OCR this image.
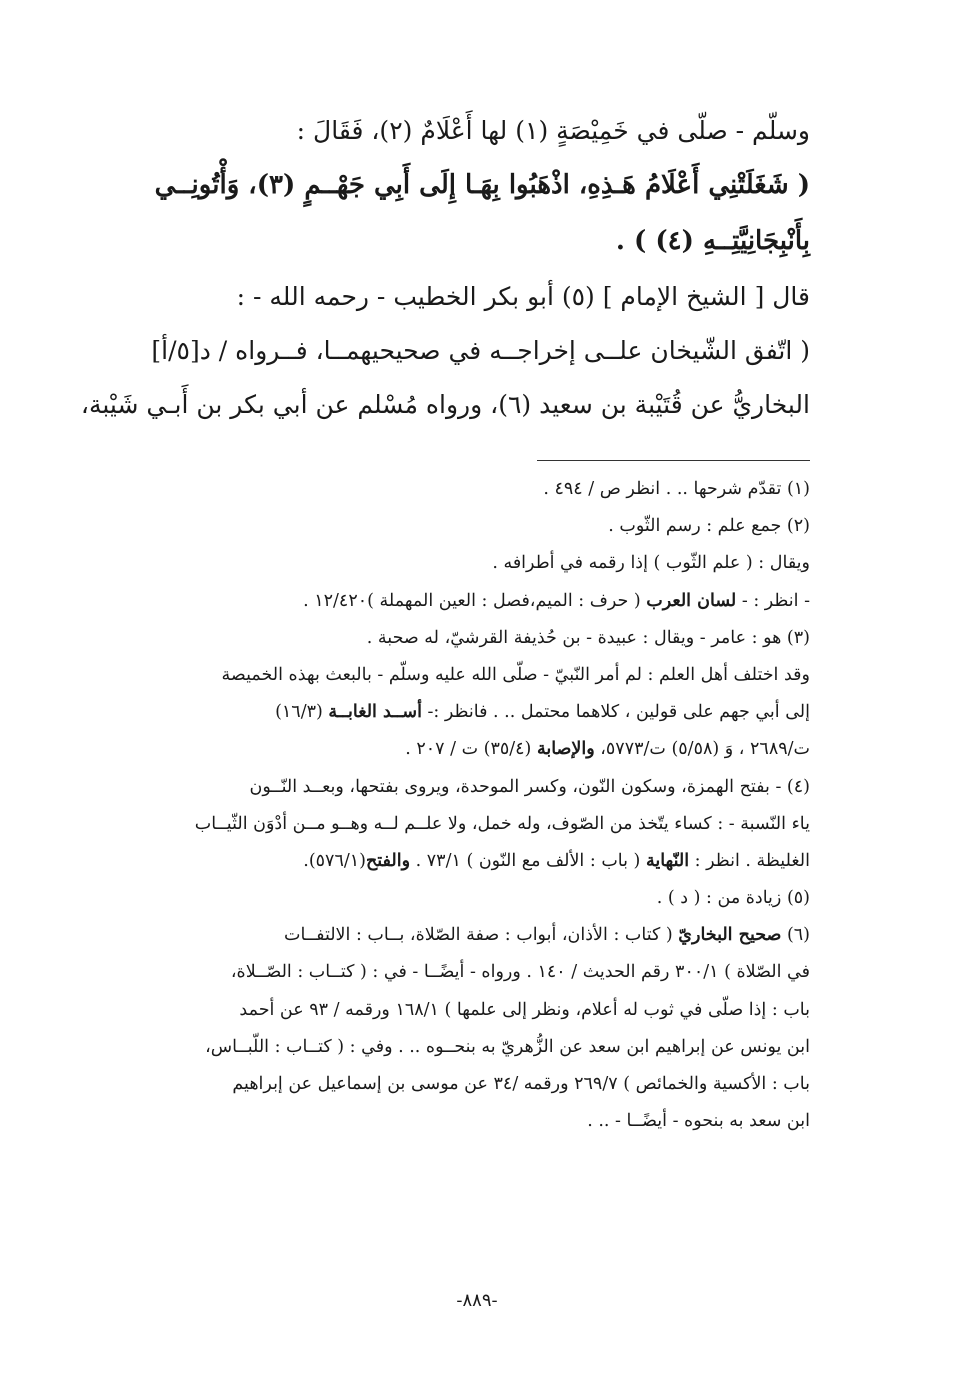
وسلّم - صلّى في خَمِيْصَةٍ (١) لها أَعْلَامٌ (٢)، فَقَالَ :
( شَغَلَتْنِي أَعْلَامُ هَـذِهِ، اذْهَبُوا بِهَـا إِلَى أَبِي جَهْــمٍ (٣)، وَأْتُونِــي
بِأَنْبِجَانِيَّتِــهِ (٤) ) .
قال [ الشيخ الإمام ] (٥) أبو بكر الخطيب - رحمه الله - :
( اتّفق الشّيخان علــى إخراجــه في صحيحيهمــا، فــرواه / د[٥/أ]
البخاريُّ عن قُتَيْبة بن سعيد (٦)، ورواه مُسْلم عن أبي بكر بن أَبـي شَيْبة،
(١) تقدّم شرحها .. . انظر ص / ٤٩٤ .
(٢) جمع علم : رسم الثّوب .
ويقال : ( علم الثّوب ) إذا رقمه في أطرافه .
- انظر : - لسان العرب ( حرف : الميم،فصل : العين المهملة )١٢/٤٢٠ .
(٣) هو : عامر - ويقال : عبيدة - بن حُذيفة القرشيّ، له صحبة .
وقد اختلف أهل العلم : لم أمر النّبيّ - صلّى الله عليه وسلّم - بالبعث بهذه الخميصة
إلى أبي جهم على قولين ، كلاهما محتمل .. . فانظر :- أســد الغابــة (١٦/٣)
ت/٢٦٨٩ ، وَ (٥/٥٨) ت/٥٧٧٣، والإصابة (٣٥/٤) ت / ٢٠٧ .
(٤) - بفتح الهمزة، وسكون النّون، وكسر الموحدة، ويروى بفتحها، وبعــد النّــون
ياء النّسبة - : كساء يتّخذ من الصّوف، وله خمل، ولا علــم لــه وهــو مــن أدْوَن الثّيــاب
الغليظة . انظر : النّهاية ( باب : الألف مع النّون ) ٧٣/١ . والفتح(٥٧٦/١).
(٥) زيادة من : ( د ) .
(٦) صحيح البخاريّ ( كتاب : الأذان، أبواب : صفة الصّلاة، بــاب : الالتفــات
في الصّلاة ) ٣٠٠/١ رقم الحديث / ١٤٠ . ورواه - أيضًــا - في : ( كتــاب : الصّــلاة،
باب : إذا صلّى في ثوب له أعلام، ونظر إلى علمها ) ١٦٨/١ ورقمه / ٩٣ عن أحمد
ابن يونس عن إبراهيم ابن سعد عن الزُّهريّ به بنحــوه .. . وفي : ( كتــاب : اللّبــاس،
باب : الأكسية والخمائص ) ٢٦٩/٧ ورقمه /٣٤ عن موسى بن إسماعيل عن إبراهيم
ابن سعد به بنحوه - أيضًــا - .. .
-٨٨٩-
